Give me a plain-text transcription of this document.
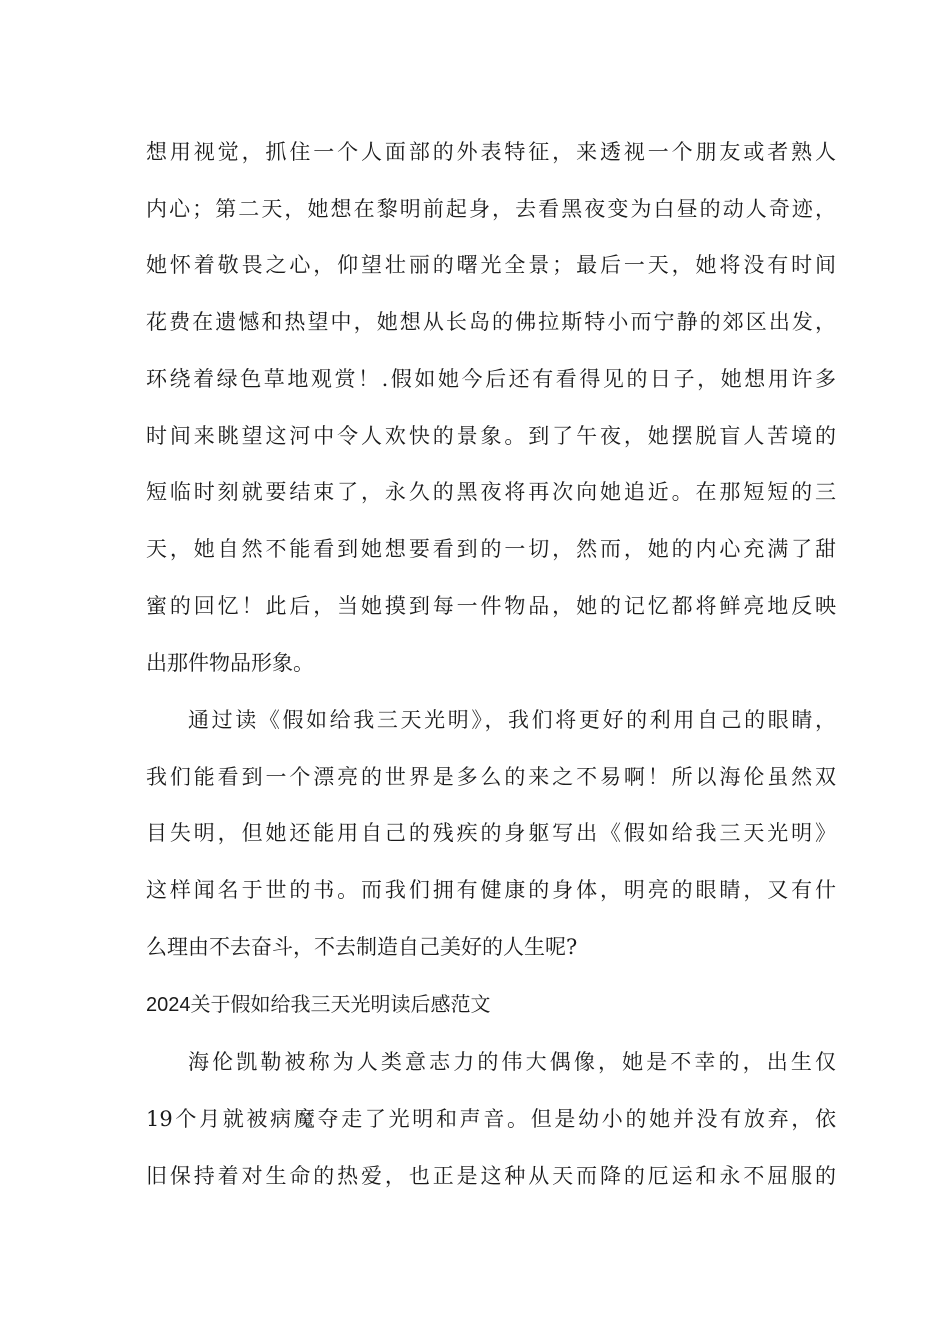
想用视觉，抓住一个人面部的外表特征，来透视一个朋友或者熟人
内心；第二天，她想在黎明前起身，去看黑夜变为白昼的动人奇迹，
她怀着敬畏之心，仰望壮丽的曙光全景；最后一天，她将没有时间
花费在遗憾和热望中，她想从长岛的佛拉斯特小而宁静的郊区出发，
环绕着绿色草地观赏！.假如她今后还有看得见的日子，她想用许多
时间来眺望这河中令人欢快的景象。到了午夜，她摆脱盲人苦境的
短临时刻就要结束了，永久的黑夜将再次向她追近。在那短短的三
天，她自然不能看到她想要看到的一切，然而，她的内心充满了甜
蜜的回忆！此后，当她摸到每一件物品，她的记忆都将鲜亮地反映
出那件物品形象。
通过读《假如给我三天光明》，我们将更好的利用自己的眼睛，
我们能看到一个漂亮的世界是多么的来之不易啊！所以海伦虽然双
目失明，但她还能用自己的残疾的身躯写出《假如给我三天光明》
这样闻名于世的书。而我们拥有健康的身体，明亮的眼睛，又有什
么理由不去奋斗，不去制造自己美好的人生呢?
2024关于假如给我三天光明读后感范文
海伦凯勒被称为人类意志力的伟大偶像，她是不幸的，出生仅
19个月就被病魔夺走了光明和声音。但是幼小的她并没有放弃，依
旧保持着对生命的热爱，也正是这种从天而降的厄运和永不屈服的
